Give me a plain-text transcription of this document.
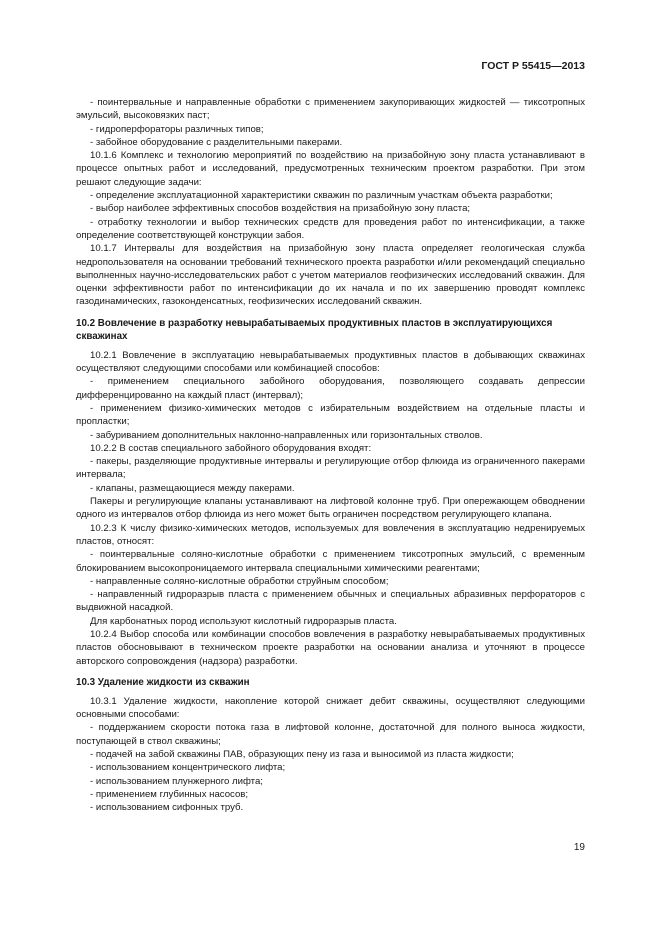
ГОСТ Р 55415—2013

- поинтервальные и направленные обработки с применением закупоривающих жидкостей — тиксотропных эмульсий, высоковязких паст;

- гидроперфораторы различных типов;

- забойное оборудование с разделительными пакерами.

10.1.6 Комплекс и технологию мероприятий по воздействию на призабойную зону пласта устанавливают в процессе опытных работ и исследований, предусмотренных техническим проектом разработки. При этом решают следующие задачи:

- определение эксплуатационной характеристики скважин по различным участкам объекта разработки;

- выбор наиболее эффективных способов воздействия на призабойную зону пласта;

- отработку технологии и выбор технических средств для проведения работ по интенсификации, а также определение соответствующей конструкции забоя.

10.1.7 Интервалы для воздействия на призабойную зону пласта определяет геологическая служба недропользователя на основании требований технического проекта разработки и/или рекомендаций специально выполненных научно-исследовательских работ с учетом материалов геофизических исследований скважин. Для оценки эффективности работ по интенсификации до их начала и по их завершению проводят комплекс газодинамических, газоконденсатных, геофизических исследований скважин.

10.2 Вовлечение в разработку невырабатываемых продуктивных пластов в эксплуатирующихся скважинах

10.2.1 Вовлечение в эксплуатацию невырабатываемых продуктивных пластов в добывающих скважинах осуществляют следующими способами или комбинацией способов:

- применением специального забойного оборудования, позволяющего создавать депрессии дифференцированно на каждый пласт (интервал);

- применением физико-химических методов с избирательным воздействием на отдельные пласты и пропластки;

- забуриванием дополнительных наклонно-направленных или горизонтальных стволов.

10.2.2 В состав специального забойного оборудования входят:

- пакеры, разделяющие продуктивные интервалы и регулирующие отбор флюида из ограниченного пакерами интервала;

- клапаны, размещающиеся между пакерами.

Пакеры и регулирующие клапаны устанавливают на лифтовой колонне труб. При опережающем обводнении одного из интервалов отбор флюида из него может быть ограничен посредством регулирующего клапана.

10.2.3 К числу физико-химических методов, используемых для вовлечения в эксплуатацию недренируемых пластов, относят:

- поинтервальные соляно-кислотные обработки с применением тиксотропных эмульсий, с временным блокированием высокопроницаемого интервала специальными химическими реагентами;

- направленные соляно-кислотные обработки струйным способом;

- направленный гидроразрыв пласта с применением обычных и специальных абразивных перфораторов с выдвижной насадкой.

Для карбонатных пород используют кислотный гидроразрыв пласта.

10.2.4 Выбор способа или комбинации способов вовлечения в разработку невырабатываемых продуктивных пластов обосновывают в техническом проекте разработки на основании анализа и уточняют в процессе авторского сопровождения (надзора) разработки.

10.3 Удаление жидкости из скважин

10.3.1 Удаление жидкости, накопление которой снижает дебит скважины, осуществляют следующими основными способами:

- поддержанием скорости потока газа в лифтовой колонне, достаточной для полного выноса жидкости, поступающей в ствол скважины;

- подачей на забой скважины ПАВ, образующих пену из газа и выносимой из пласта жидкости;

- использованием концентрического лифта;

- использованием плунжерного лифта;

- применением глубинных насосов;

- использованием сифонных труб.

19
